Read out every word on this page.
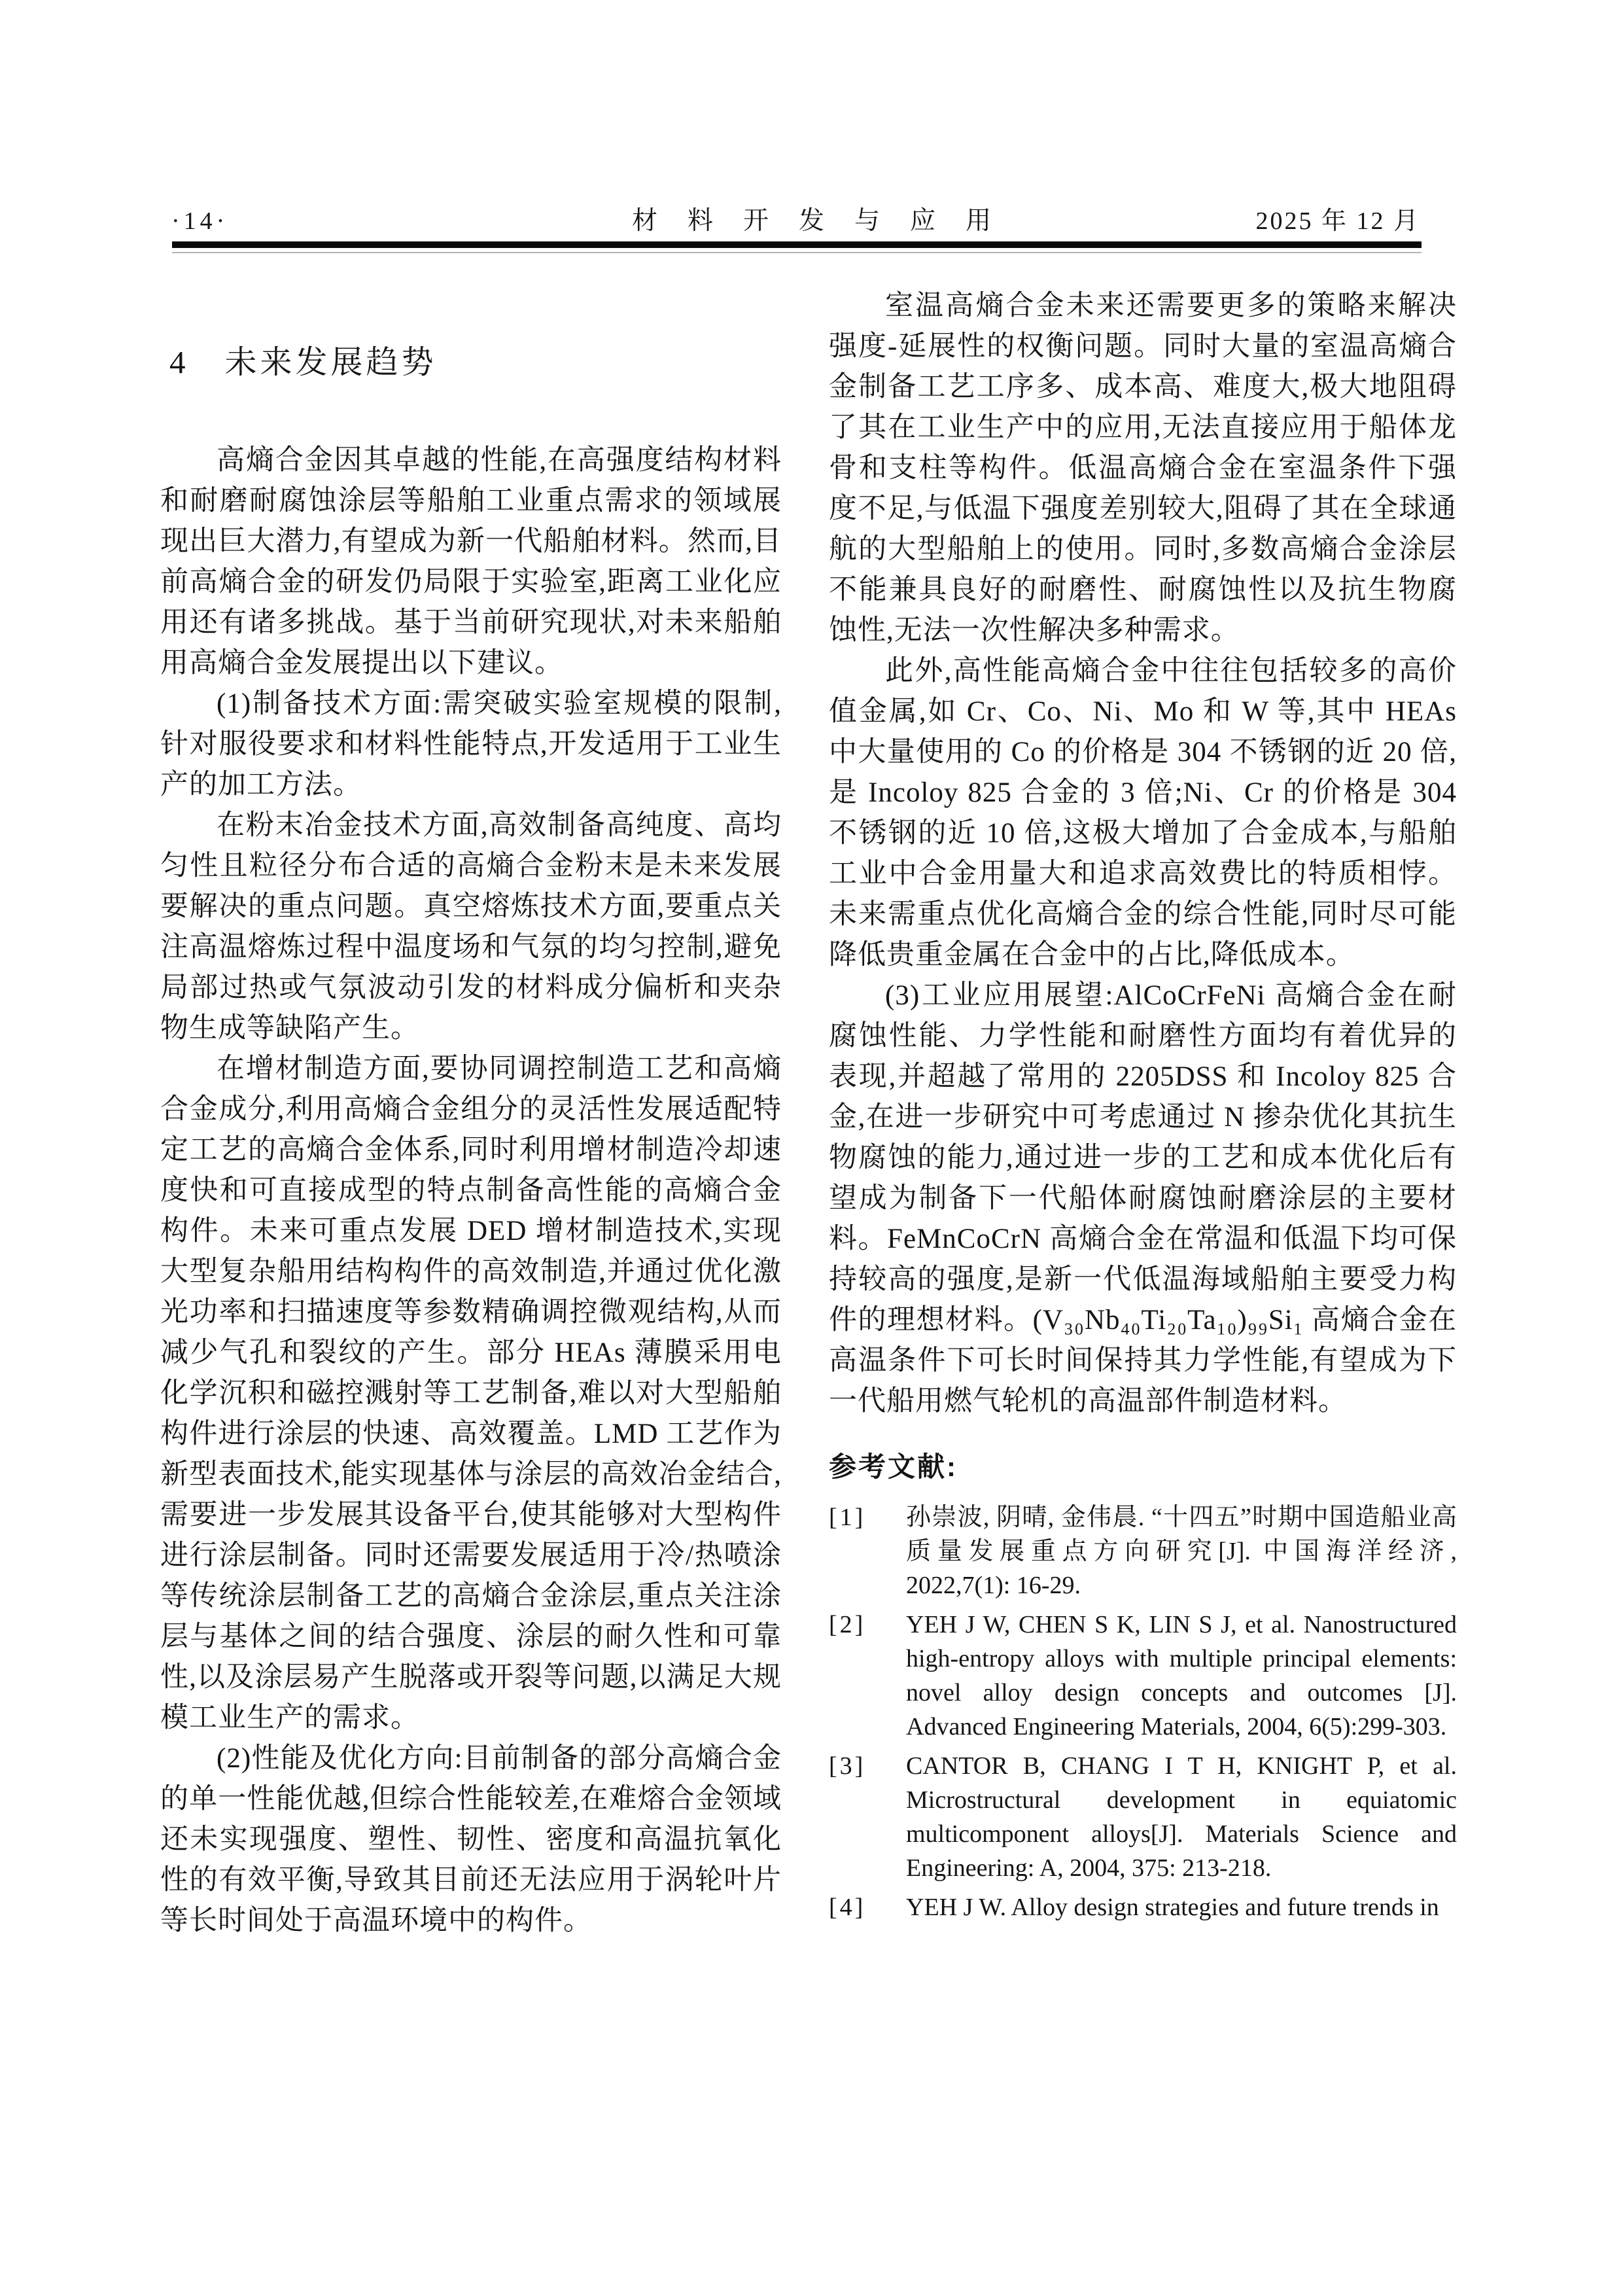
·14·	材料开发与应用	2025 年 12 月
4 未来发展趋势

高熵合金因其卓越的性能,在高强度结构材料和耐磨耐腐蚀涂层等船舶工业重点需求的领域展现出巨大潜力,有望成为新一代船舶材料。然而,目前高熵合金的研发仍局限于实验室,距离工业化应用还有诸多挑战。基于当前研究现状,对未来船舶用高熵合金发展提出以下建议。

(1)制备技术方面:需突破实验室规模的限制,针对服役要求和材料性能特点,开发适用于工业生产的加工方法。

在粉末冶金技术方面,高效制备高纯度、高均匀性且粒径分布合适的高熵合金粉末是未来发展要解决的重点问题。真空熔炼技术方面,要重点关注高温熔炼过程中温度场和气氛的均匀控制,避免局部过热或气氛波动引发的材料成分偏析和夹杂物生成等缺陷产生。

在增材制造方面,要协同调控制造工艺和高熵合金成分,利用高熵合金组分的灵活性发展适配特定工艺的高熵合金体系,同时利用增材制造冷却速度快和可直接成型的特点制备高性能的高熵合金构件。未来可重点发展 DED 增材制造技术,实现大型复杂船用结构构件的高效制造,并通过优化激光功率和扫描速度等参数精确调控微观结构,从而减少气孔和裂纹的产生。部分 HEAs 薄膜采用电化学沉积和磁控溅射等工艺制备,难以对大型船舶构件进行涂层的快速、高效覆盖。LMD 工艺作为新型表面技术,能实现基体与涂层的高效冶金结合,需要进一步发展其设备平台,使其能够对大型构件进行涂层制备。同时还需要发展适用于冷/热喷涂等传统涂层制备工艺的高熵合金涂层,重点关注涂层与基体之间的结合强度、涂层的耐久性和可靠性,以及涂层易产生脱落或开裂等问题,以满足大规模工业生产的需求。

(2)性能及优化方向:目前制备的部分高熵合金的单一性能优越,但综合性能较差,在难熔合金领域还未实现强度、塑性、韧性、密度和高温抗氧化性的有效平衡,导致其目前还无法应用于涡轮叶片等长时间处于高温环境中的构件。

室温高熵合金未来还需要更多的策略来解决强度-延展性的权衡问题。同时大量的室温高熵合金制备工艺工序多、成本高、难度大,极大地阻碍了其在工业生产中的应用,无法直接应用于船体龙骨和支柱等构件。低温高熵合金在室温条件下强度不足,与低温下强度差别较大,阻碍了其在全球通航的大型船舶上的使用。同时,多数高熵合金涂层不能兼具良好的耐磨性、耐腐蚀性以及抗生物腐蚀性,无法一次性解决多种需求。

此外,高性能高熵合金中往往包括较多的高价值金属,如 Cr、Co、Ni、Mo 和 W 等,其中 HEAs 中大量使用的 Co 的价格是 304 不锈钢的近 20 倍,是 Incoloy 825 合金的 3 倍;Ni、Cr 的价格是 304 不锈钢的近 10 倍,这极大增加了合金成本,与船舶工业中合金用量大和追求高效费比的特质相悖。未来需重点优化高熵合金的综合性能,同时尽可能降低贵重金属在合金中的占比,降低成本。

(3)工业应用展望:AlCoCrFeNi 高熵合金在耐腐蚀性能、力学性能和耐磨性方面均有着优异的表现,并超越了常用的 2205DSS 和 Incoloy 825 合金,在进一步研究中可考虑通过 N 掺杂优化其抗生物腐蚀的能力,通过进一步的工艺和成本优化后有望成为制备下一代船体耐腐蚀耐磨涂层的主要材料。FeMnCoCrN 高熵合金在常温和低温下均可保持较高的强度,是新一代低温海域船舶主要受力构件的理想材料。(V₃₀Nb₄₀Ti₂₀Ta₁₀)₉₉Si₁ 高熵合金在高温条件下可长时间保持其力学性能,有望成为下一代船用燃气轮机的高温部件制造材料。

参考文献:
[1] 孙崇波, 阴晴, 金伟晨. “十四五”时期中国造船业高质量发展重点方向研究[J]. 中国海洋经济, 2022,7(1): 16-29.
[2] YEH J W, CHEN S K, LIN S J, et al. Nanostructured high-entropy alloys with multiple principal elements: novel alloy design concepts and outcomes [J]. Advanced Engineering Materials, 2004, 6(5):299-303.
[3] CANTOR B, CHANG I T H, KNIGHT P, et al. Microstructural development in equiatomic multicomponent alloys[J]. Materials Science and Engineering: A, 2004, 375: 213-218.
[4] YEH J W. Alloy design strategies and future trends in
